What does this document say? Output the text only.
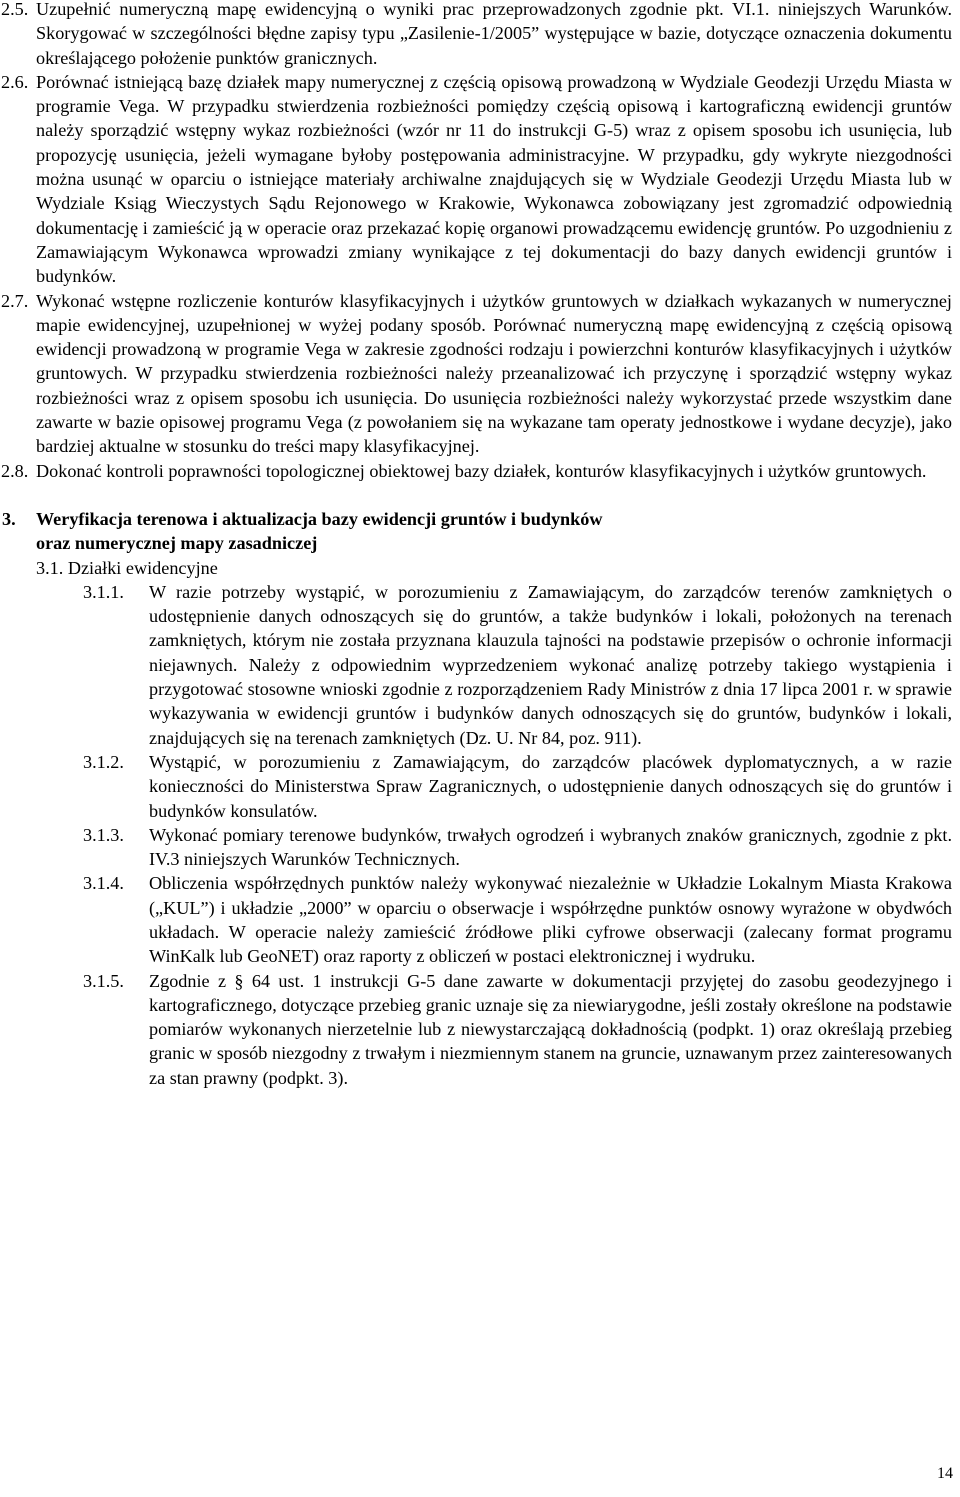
2.5. Uzupełnić numeryczną mapę ewidencyjną o wyniki prac przeprowadzonych zgodnie pkt. VI.1. niniejszych Warunków. Skorygować w szczególności błędne zapisy typu „Zasilenie-1/2005” występujące w bazie, dotyczące oznaczenia dokumentu określającego położenie punktów granicznych.
2.6. Porównać istniejącą bazę działek mapy numerycznej z częścią opisową prowadzoną w Wydziale Geodezji Urzędu Miasta w programie Vega. W przypadku stwierdzenia rozbieżności pomiędzy częścią opisową i kartograficzną ewidencji gruntów należy sporządzić wstępny wykaz rozbieżności (wzór nr 11 do instrukcji G-5) wraz z opisem sposobu ich usunięcia, lub propozycję usunięcia, jeżeli wymagane byłoby postępowania administracyjne. W przypadku, gdy wykryte niezgodności można usunąć w oparciu o istniejące materiały archiwalne znajdujących się w Wydziale Geodezji Urzędu Miasta lub w Wydziale Ksiąg Wieczystych Sądu Rejonowego w Krakowie, Wykonawca zobowiązany jest zgromadzić odpowiednią dokumentację i zamieścić ją w operacie oraz przekazać kopię organowi prowadzącemu ewidencję gruntów. Po uzgodnieniu z Zamawiającym Wykonawca wprowadzi zmiany wynikające z tej dokumentacji do bazy danych ewidencji gruntów i budynków.
2.7. Wykonać wstępne rozliczenie konturów klasyfikacyjnych i użytków gruntowych w działkach wykazanych w numerycznej mapie ewidencyjnej, uzupełnionej w wyżej podany sposób. Porównać numeryczną mapę ewidencyjną z częścią opisową ewidencji prowadzoną w programie Vega w zakresie zgodności rodzaju i powierzchni konturów klasyfikacyjnych i użytków gruntowych. W przypadku stwierdzenia rozbieżności należy przeanalizować ich przyczynę i sporządzić wstępny wykaz rozbieżności wraz z opisem sposobu ich usunięcia. Do usunięcia rozbieżności należy wykorzystać przede wszystkim dane zawarte w bazie opisowej programu Vega (z powołaniem się na wykazane tam operaty jednostkowe i wydane decyzje), jako bardziej aktualne w stosunku do treści mapy klasyfikacyjnej.
2.8. Dokonać kontroli poprawności topologicznej obiektowej bazy działek, konturów klasyfikacyjnych i użytków gruntowych.
3. Weryfikacja terenowa i aktualizacja bazy ewidencji gruntów i budynków
oraz numerycznej mapy zasadniczej
3.1. Działki ewidencyjne
3.1.1. W razie potrzeby wystąpić, w porozumieniu z Zamawiającym, do zarządców terenów zamkniętych o udostępnienie danych odnoszących się do gruntów, a także budynków i lokali, położonych na terenach zamkniętych, którym nie została przyznana klauzula tajności na podstawie przepisów o ochronie informacji niejawnych. Należy z odpowiednim wyprzedzeniem wykonać analizę potrzeby takiego wystąpienia i przygotować stosowne wnioski zgodnie z rozporządzeniem Rady Ministrów z dnia 17 lipca 2001 r. w sprawie wykazywania w ewidencji gruntów i budynków danych odnoszących się do gruntów, budynków i lokali, znajdujących się na terenach zamkniętych (Dz. U. Nr 84, poz. 911).
3.1.2. Wystąpić, w porozumieniu z Zamawiającym, do zarządców placówek dyplomatycznych, a w razie konieczności do Ministerstwa Spraw Zagranicznych, o udostępnienie danych odnoszących się do gruntów i budynków konsulatów.
3.1.3. Wykonać pomiary terenowe budynków, trwałych ogrodzeń i wybranych znaków granicznych, zgodnie z pkt. IV.3 niniejszych Warunków Technicznych.
3.1.4. Obliczenia współrzędnych punktów należy wykonywać niezależnie w Układzie Lokalnym Miasta Krakowa („KUL”) i układzie „2000” w oparciu o obserwacje i współrzędne punktów osnowy wyrażone w obydwóch układach. W operacie należy zamieścić źródłowe pliki cyfrowe obserwacji (zalecany format programu WinKalk lub GeoNET) oraz raporty z obliczeń w postaci elektronicznej i wydruku.
3.1.5. Zgodnie z § 64 ust. 1 instrukcji G-5 dane zawarte w dokumentacji przyjętej do zasobu geodezyjnego i kartograficznego, dotyczące przebieg granic uznaje się za niewiarygodne, jeśli zostały określone na podstawie pomiarów wykonanych nierzetelnie lub z niewystarczającą dokładnością (podpkt. 1) oraz określają przebieg granic w sposób niezgodny z trwałym i niezmiennym stanem na gruncie, uznawanym przez zainteresowanych za stan prawny (podpkt. 3).
14
